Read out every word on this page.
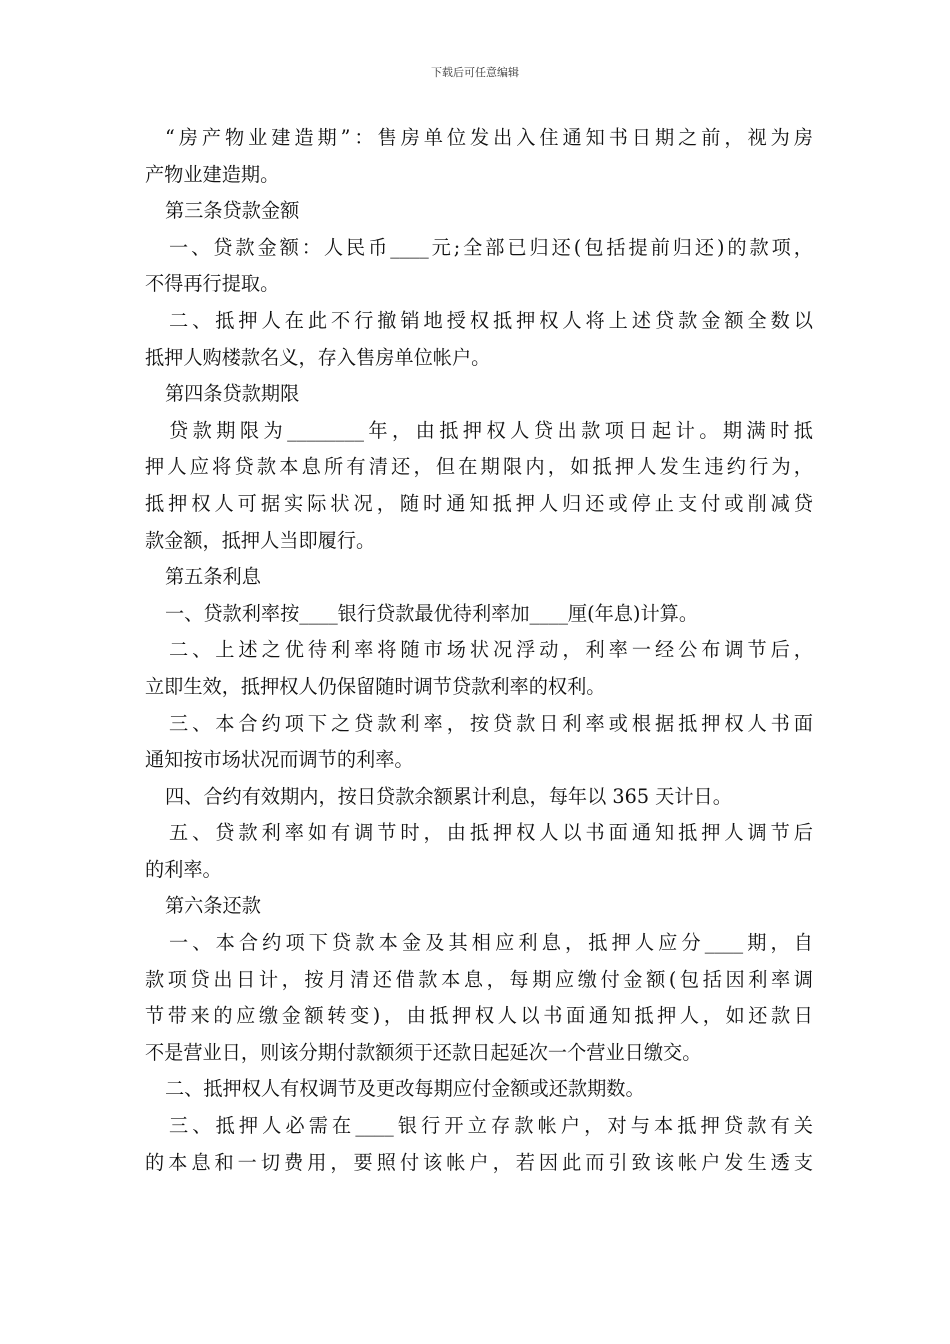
下载后可任意编辑
“房产物业建造期”：售房单位发出入住通知书日期之前，视为房
产物业建造期。
第三条贷款金额
一、贷款金额：人民币____元;全部已归还(包括提前归还)的款项，
不得再行提取。
二、抵押人在此不行撤销地授权抵押权人将上述贷款金额全数以
抵押人购楼款名义，存入售房单位帐户。
第四条贷款期限
贷款期限为________年，由抵押权人贷出款项日起计。期满时抵
押人应将贷款本息所有清还，但在期限内，如抵押人发生违约行为，
抵押权人可据实际状况，随时通知抵押人归还或停止支付或削减贷
款金额，抵押人当即履行。
第五条利息
一、贷款利率按____银行贷款最优待利率加____厘(年息)计算。
二、上述之优待利率将随市场状况浮动，利率一经公布调节后，
立即生效，抵押权人仍保留随时调节贷款利率的权利。
三、本合约项下之贷款利率，按贷款日利率或根据抵押权人书面
通知按市场状况而调节的利率。
四、合约有效期内，按日贷款余额累计利息，每年以 365 天计日。
五、贷款利率如有调节时，由抵押权人以书面通知抵押人调节后
的利率。
第六条还款
一、本合约项下贷款本金及其相应利息，抵押人应分____期，自
款项贷出日计，按月清还借款本息，每期应缴付金额(包括因利率调
节带来的应缴金额转变)，由抵押权人以书面通知抵押人，如还款日
不是营业日，则该分期付款额须于还款日起延次一个营业日缴交。
二、抵押权人有权调节及更改每期应付金额或还款期数。
三、抵押人必需在____银行开立存款帐户，对与本抵押贷款有关
的本息和一切费用，要照付该帐户，若因此而引致该帐户发生透支
